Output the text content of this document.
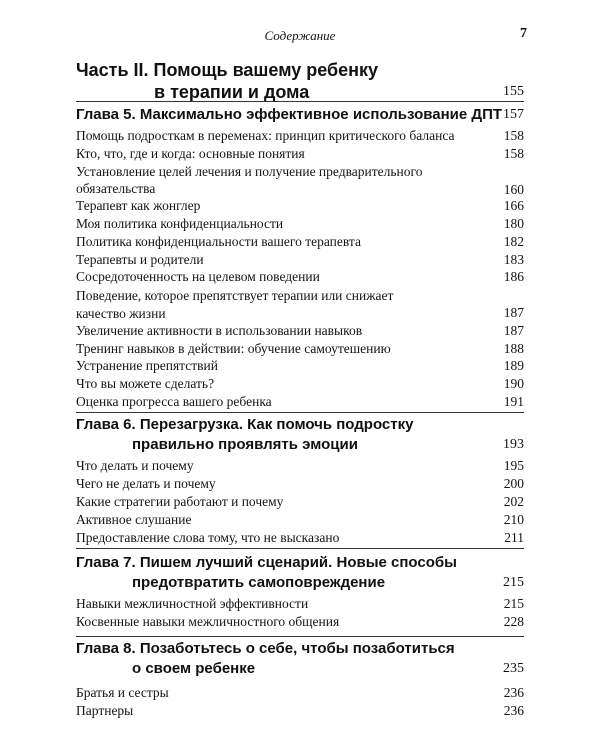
Содержание	7
Часть II. Помощь вашему ребенку
в терапии и дома	155
Глава 5. Максимально эффективное использование ДПТ 157
Помощь подросткам в переменах: принцип критического баланса	158
Кто, что, где и когда: основные понятия	158
Установление целей лечения и получение предварительного
обязательства	160
Терапевт как жонглер	166
Моя политика конфиденциальности	180
Политика конфиденциальности вашего терапевта	182
Терапевты и родители	183
Сосредоточенность на целевом поведении	186
Поведение, которое препятствует терапии или снижает
качество жизни	187
Увеличение активности в использовании навыков	187
Тренинг навыков в действии: обучение самоутешению	188
Устранение препятствий	189
Что вы можете сделать?	190
Оценка прогресса вашего ребенка	191
Глава 6. Перезагрузка. Как помочь подростку
правильно проявлять эмоции	193
Что делать и почему	195
Чего не делать и почему	200
Какие стратегии работают и почему	202
Активное слушание	210
Предоставление слова тому, что не высказано	211
Глава 7. Пишем лучший сценарий. Новые способы
предотвратить самоповреждение	215
Навыки межличностной эффективности	215
Косвенные навыки межличностного общения	228
Глава 8. Позаботьтесь о себе, чтобы позаботиться
о своем ребенке	235
Братья и сестры	236
Партнеры	236
